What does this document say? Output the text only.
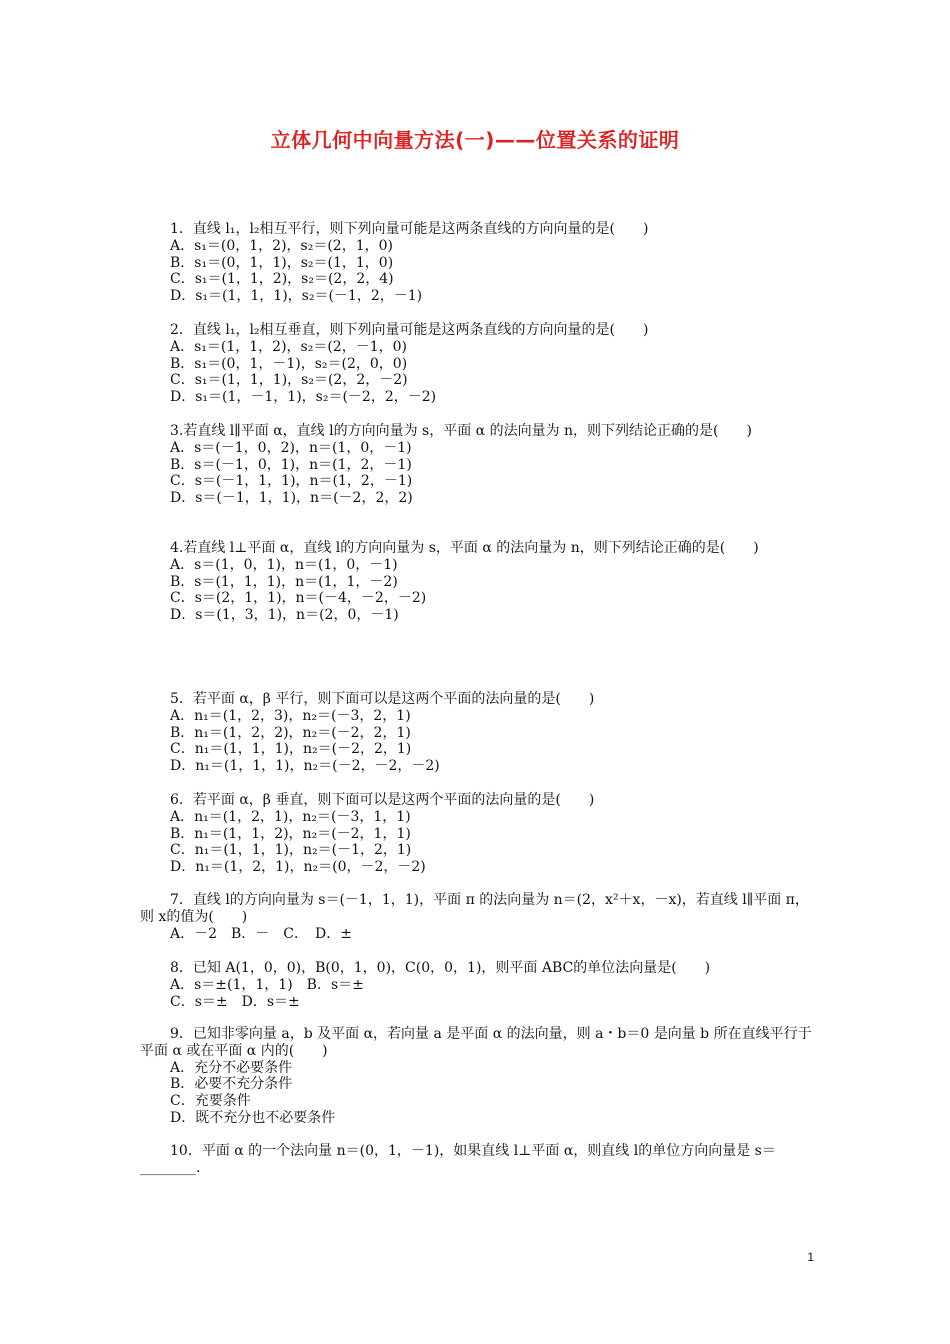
立体几何中向量方法(一)——位置关系的证明

1．直线 l₁，l₂相互平行，则下列向量可能是这两条直线的方向向量的是(　　)

A．s₁＝(0，1，2)，s₂＝(2，1，0)
B．s₁＝(0，1，1)，s₂＝(1，1，0)
C．s₁＝(1，1，2)，s₂＝(2，2，4)
D．s₁＝(1，1，1)，s₂＝(－1，2，－1)

2．直线 l₁，l₂相互垂直，则下列向量可能是这两条直线的方向向量的是(　　)

A．s₁＝(1，1，2)，s₂＝(2，－1，0)
B．s₁＝(0，1，－1)，s₂＝(2，0，0)
C．s₁＝(1，1，1)，s₂＝(2，2，－2)
D．s₁＝(1，－1，1)，s₂＝(－2，2，－2)

3.若直线 l∥平面 α，直线 l的方向向量为 s，平面 α 的法向量为 n，则下列结论正确的是(　　)

A．s＝(－1，0，2)，n＝(1，0，－1)
B．s＝(－1，0，1)，n＝(1，2，－1)
C．s＝(－1，1，1)，n＝(1，2，－1)
D．s＝(－1，1，1)，n＝(－2，2，2)

4.若直线 l⊥平面 α，直线 l的方向向量为 s，平面 α 的法向量为 n，则下列结论正确的是(　　)

A．s＝(1，0，1)，n＝(1，0，－1)
B．s＝(1，1，1)，n＝(1，1，－2)
C．s＝(2，1，1)，n＝(－4，－2，－2)
D．s＝(1，3，1)，n＝(2，0，－1)

5．若平面 α，β 平行，则下面可以是这两个平面的法向量的是(　　)

A．n₁＝(1，2，3)，n₂＝(－3，2，1)
B．n₁＝(1，2，2)，n₂＝(－2，2，1)
C．n₁＝(1，1，1)，n₂＝(－2，2，1)
D．n₁＝(1，1，1)，n₂＝(－2，－2，－2)

6．若平面 α，β 垂直，则下面可以是这两个平面的法向量的是(　　)

A．n₁＝(1，2，1)，n₂＝(－3，1，1)
B．n₁＝(1，1，2)，n₂＝(－2，1，1)
C．n₁＝(1，1，1)，n₂＝(－1，2，1)
D．n₁＝(1，2，1)，n₂＝(0，－2，－2)

7．直线 l的方向向量为 s＝(－1，1，1)，平面 π 的法向量为 n＝(2，x²＋x，－x)，若直线 l∥平面 π，则 x的值为(　　)

A．－2　B．－　C．　D．±

8．已知 A(1，0，0)，B(0，1，0)，C(0，0，1)，则平面 ABC的单位法向量是(　　)

A．s＝±(1，1，1)　B．s＝±
C．s＝±　D．s＝±

9．已知非零向量 a，b 及平面 α，若向量 a 是平面 α 的法向量，则 a・b＝0 是向量 b 所在直线平行于平面 α 或在平面 α 内的(　　)

A．充分不必要条件
B．必要不充分条件
C．充要条件
D．既不充分也不必要条件

10．平面 α 的一个法向量 n＝(0，1，－1)，如果直线 l⊥平面 α，则直线 l的单位方向向量是 s＝________.

1
